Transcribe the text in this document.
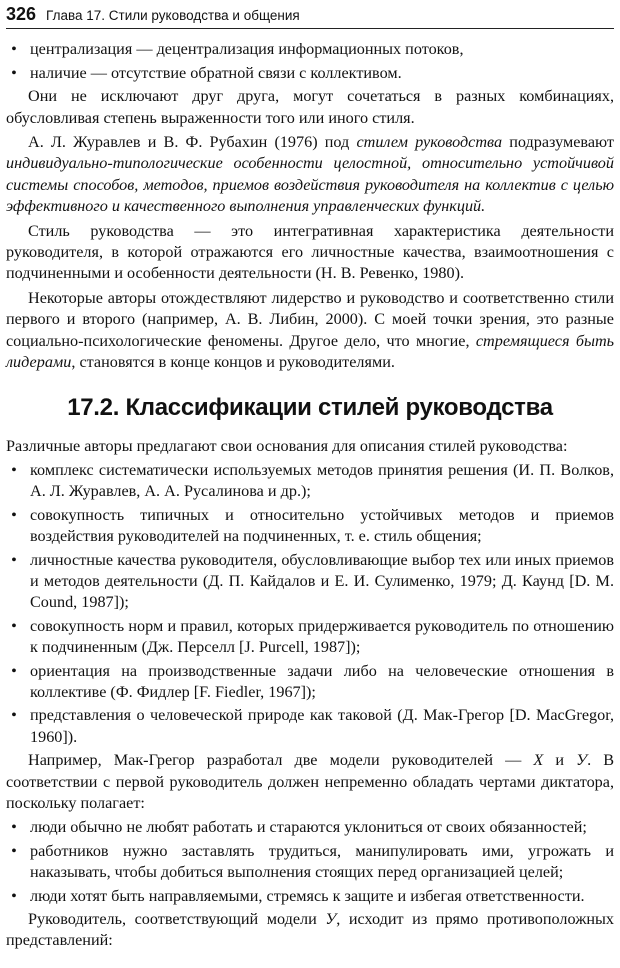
326 Глава 17. Стили руководства и общения
• централизация — децентрализация информационных потоков,
• наличие — отсутствие обратной связи с коллективом.

Они не исключают друг друга, могут сочетаться в разных комбинациях, обусловливая степень выраженности того или иного стиля.

А. Л. Журавлев и В. Ф. Рубахин (1976) под стилем руководства подразумевают индивидуально-типологические особенности целостной, относительно устойчивой системы способов, методов, приемов воздействия руководителя на коллектив с целью эффективного и качественного выполнения управленческих функций.

Стиль руководства — это интегративная характеристика деятельности руководителя, в которой отражаются его личностные качества, взаимоотношения с подчиненными и особенности деятельности (Н. В. Ревенко, 1980).

Некоторые авторы отождествляют лидерство и руководство и соответственно стили первого и второго (например, А. В. Либин, 2000). С моей точки зрения, это разные социально-психологические феномены. Другое дело, что многие, стремящиеся быть лидерами, становятся в конце концов и руководителями.

17.2. Классификации стилей руководства

Различные авторы предлагают свои основания для описания стилей руководства:

• комплекс систематически используемых методов принятия решения (И. П. Волков, А. Л. Журавлев, А. А. Русалинова и др.);
• совокупность типичных и относительно устойчивых методов и приемов воздействия руководителей на подчиненных, т. е. стиль общения;
• личностные качества руководителя, обусловливающие выбор тех или иных приемов и методов деятельности (Д. П. Кайдалов и Е. И. Сулименко, 1979; Д. Каунд [D. M. Cound, 1987]);
• совокупность норм и правил, которых придерживается руководитель по отношению к подчиненным (Дж. Перселл [J. Purcell, 1987]);
• ориентация на производственные задачи либо на человеческие отношения в коллективе (Ф. Фидлер [F. Fiedler, 1967]);
• представления о человеческой природе как таковой (Д. Мак-Грегор [D. MacGregor, 1960]).

Например, Мак-Грегор разработал две модели руководителей — X и У. В соответствии с первой руководитель должен непременно обладать чертами диктатора, поскольку полагает:

• люди обычно не любят работать и стараются уклониться от своих обязанностей;
• работников нужно заставлять трудиться, манипулировать ими, угрожать и наказывать, чтобы добиться выполнения стоящих перед организацией целей;
• люди хотят быть направляемыми, стремясь к защите и избегая ответственности.

Руководитель, соответствующий модели У, исходит из прямо противоположных представлений:
